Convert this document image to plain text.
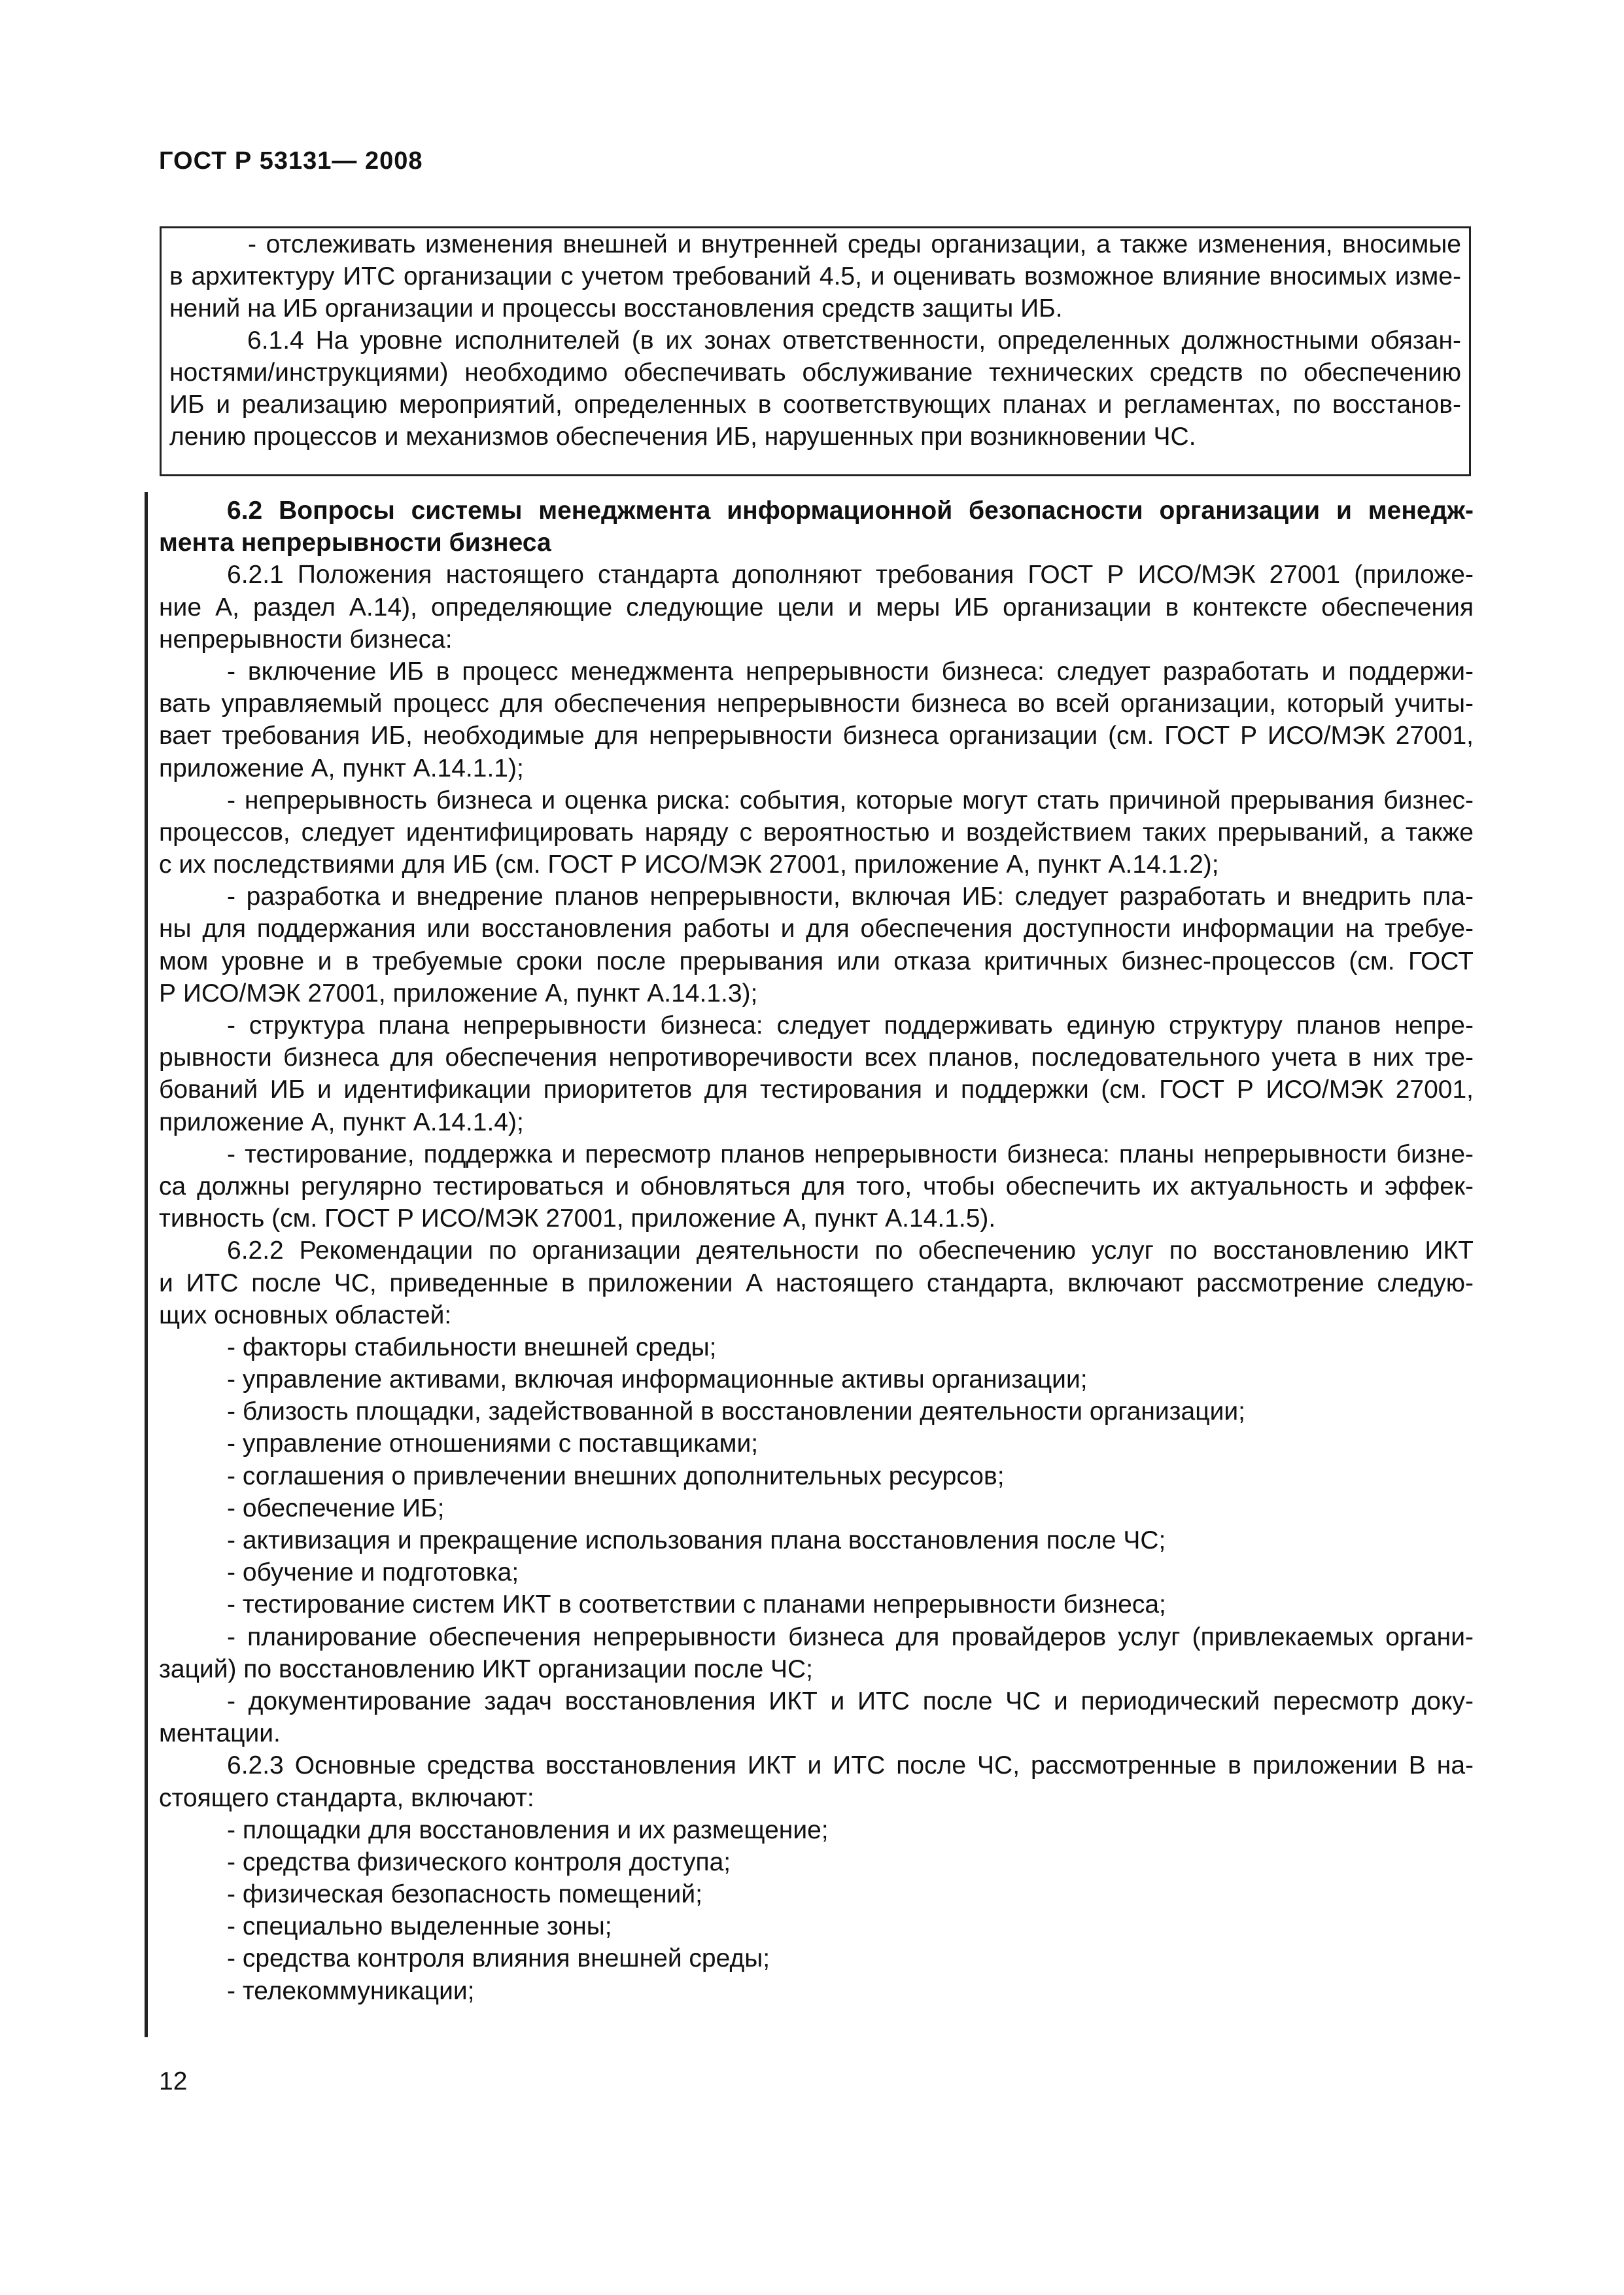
ГОСТ Р 53131— 2008

- отслеживать изменения внешней и внутренней среды организации, а также изменения, вносимые

в архитектуру ИТС организации с учетом требований 4.5, и оценивать возможное влияние вносимых изме-

нений на ИБ организации и процессы восстановления средств защиты ИБ.

6.1.4 На уровне исполнителей (в их зонах ответственности, определенных должностными обязан-

ностями/инструкциями) необходимо обеспечивать обслуживание технических средств по обеспечению

ИБ и реализацию мероприятий, определенных в соответствующих планах и регламентах, по восстанов-

лению процессов и механизмов обеспечения ИБ, нарушенных при возникновении ЧС.

6.2 Вопросы системы менеджмента информационной безопасности организации и менедж-

мента непрерывности бизнеса

6.2.1 Положения настоящего стандарта дополняют требования ГОСТ Р ИСО/МЭК 27001 (приложе-

ние А, раздел А.14), определяющие следующие цели и меры ИБ организации в контексте обеспечения

непрерывности бизнеса:

- включение ИБ в процесс менеджмента непрерывности бизнеса: следует разработать и поддержи-

вать управляемый процесс для обеспечения непрерывности бизнеса во всей организации, который учиты-

вает требования ИБ, необходимые для непрерывности бизнеса организации (см. ГОСТ Р ИСО/МЭК 27001,

приложение А, пункт А.14.1.1);

- непрерывность бизнеса и оценка риска: события, которые могут стать причиной прерывания бизнес-

процессов, следует идентифицировать наряду с вероятностью и воздействием таких прерываний, а также

с их последствиями для ИБ (см. ГОСТ Р ИСО/МЭК 27001, приложение А, пункт А.14.1.2);

- разработка и внедрение планов непрерывности, включая ИБ: следует разработать и внедрить пла-

ны для поддержания или восстановления работы и для обеспечения доступности информации на требуе-

мом уровне и в требуемые сроки после прерывания или отказа критичных бизнес-процессов (см. ГОСТ

Р ИСО/МЭК 27001, приложение А, пункт А.14.1.3);

- структура плана непрерывности бизнеса: следует поддерживать единую структуру планов непре-

рывности бизнеса для обеспечения непротиворечивости всех планов, последовательного учета в них тре-

бований ИБ и идентификации приоритетов для тестирования и поддержки (см. ГОСТ Р ИСО/МЭК 27001,

приложение А, пункт А.14.1.4);

- тестирование, поддержка и пересмотр планов непрерывности бизнеса: планы непрерывности бизне-

са должны регулярно тестироваться и обновляться для того, чтобы обеспечить их актуальность и эффек-

тивность (см. ГОСТ Р ИСО/МЭК 27001, приложение А, пункт А.14.1.5).

6.2.2 Рекомендации по организации деятельности по обеспечению услуг по восстановлению ИКТ

и ИТС после ЧС, приведенные в приложении А настоящего стандарта, включают рассмотрение следую-

щих основных областей:

- факторы стабильности внешней среды;

- управление активами, включая информационные активы организации;

- близость площадки, задействованной в восстановлении деятельности организации;

- управление отношениями с поставщиками;

- соглашения о привлечении внешних дополнительных ресурсов;

- обеспечение ИБ;

- активизация и прекращение использования плана восстановления после ЧС;

- обучение и подготовка;

- тестирование систем ИКТ в соответствии с планами непрерывности бизнеса;

- планирование обеспечения непрерывности бизнеса для провайдеров услуг (привлекаемых органи-

заций) по восстановлению ИКТ организации после ЧС;

- документирование задач восстановления ИКТ и ИТС после ЧС и периодический пересмотр доку-

ментации.

6.2.3 Основные средства восстановления ИКТ и ИТС после ЧС, рассмотренные в приложении В на-

стоящего стандарта, включают:

- площадки для восстановления и их размещение;

- средства физического контроля доступа;

- физическая безопасность помещений;

- специально выделенные зоны;

- средства контроля влияния внешней среды;

- телекоммуникации;

12
